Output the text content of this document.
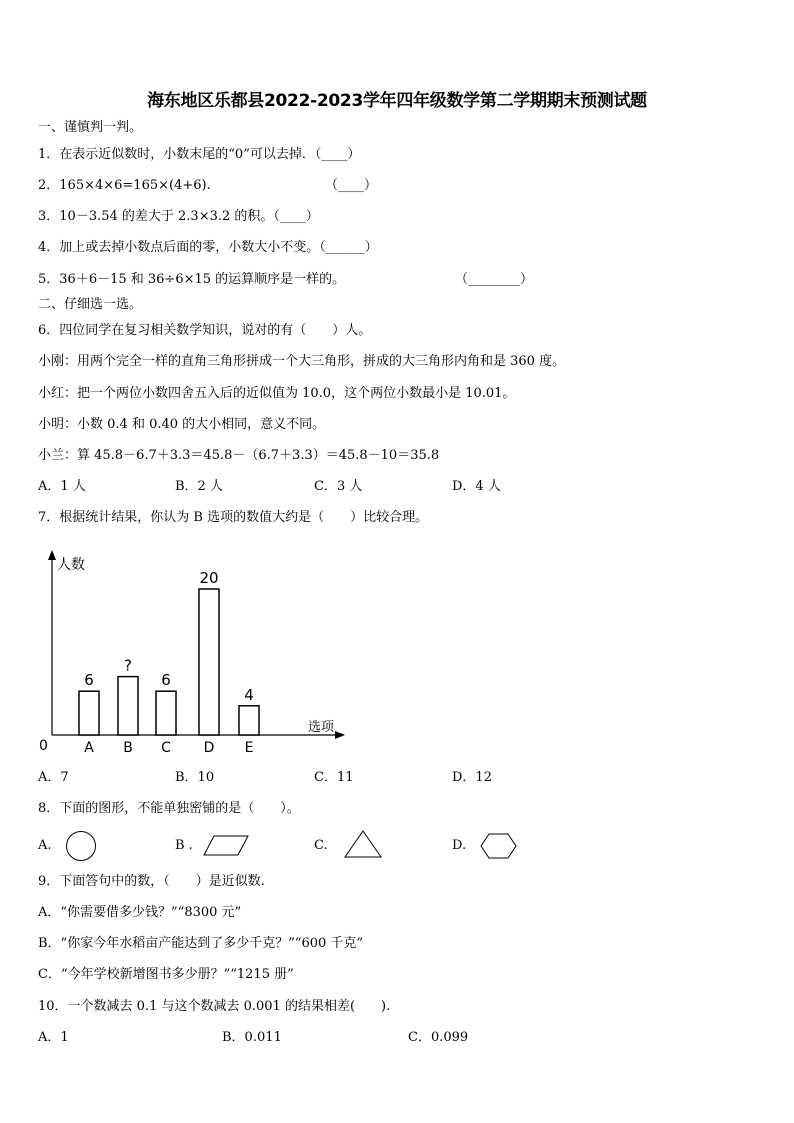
海东地区乐都县2022-2023学年四年级数学第二学期期末预测试题
一、谨慎判一判。
1．在表示近似数时，小数末尾的“0”可以去掉．（____）
2．165×4×6=165×(4+6).	（____）
3．10－3.54 的差大于 2.3×3.2 的积。（____）
4．加上或去掉小数点后面的零，小数大小不变。（______）
5．36＋6－15 和 36÷6×15 的运算顺序是一样的。	（________）
二、仔细选一选。
6．四位同学在复习相关数学知识，说对的有（　　）人。
小刚：用两个完全一样的直角三角形拼成一个大三角形，拼成的大三角形内角和是 360 度。
小红：把一个两位小数四舍五入后的近似值为 10.0，这个两位小数最小是 10.01。
小明：小数 0.4 和 0.40 的大小相同，意义不同。
小兰：算 45.8－6.7＋3.3＝45.8－（6.7＋3.3）＝45.8－10＝35.8
A．1 人	B．2 人	C．3 人	D．4 人
7．根据统计结果，你认为 B 选项的数值大约是（　　）比较合理。
人数
选项
0
6
A
?
B
6
C
20
D
4
E
A．7	B．10	C．11	D．12
8．下面的图形，不能单独密铺的是（　　）。
A.	B .	C.	D.
9．下面答句中的数，（　　）是近似数.
A．“你需要借多少钱？”“8300 元”
B．“你家今年水稻亩产能达到了多少千克？”“600 千克”
C．“今年学校新增图书多少册？”“1215 册”
10．一个数减去 0.1 与这个数减去 0.001 的结果相差(　　).
A．1	B．0.011	C．0.099
